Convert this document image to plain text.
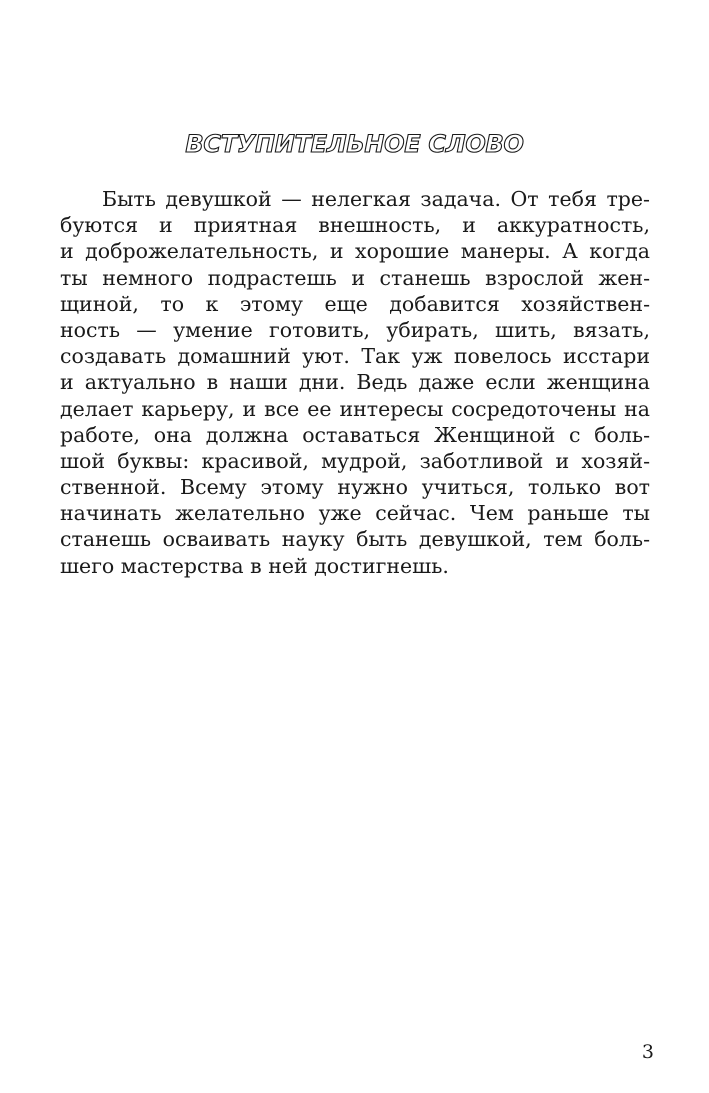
ВСТУПИТЕЛЬНОЕ СЛОВО
Быть девушкой — нелегкая задача. От тебя тре-
буются и приятная внешность, и аккуратность,
и доброжелательность, и хорошие манеры. А когда
ты немного подрастешь и станешь взрослой жен-
щиной, то к этому еще добавится хозяйствен-
ность — умение готовить, убирать, шить, вязать,
создавать домашний уют. Так уж повелось исстари
и актуально в наши дни. Ведь даже если женщина
делает карьеру, и все ее интересы сосредоточены на
работе, она должна оставаться Женщиной с боль-
шой буквы: красивой, мудрой, заботливой и хозяй-
ственной. Всему этому нужно учиться, только вот
начинать желательно уже сейчас. Чем раньше ты
станешь осваивать науку быть девушкой, тем боль-
шего мастерства в ней достигнешь.
3
